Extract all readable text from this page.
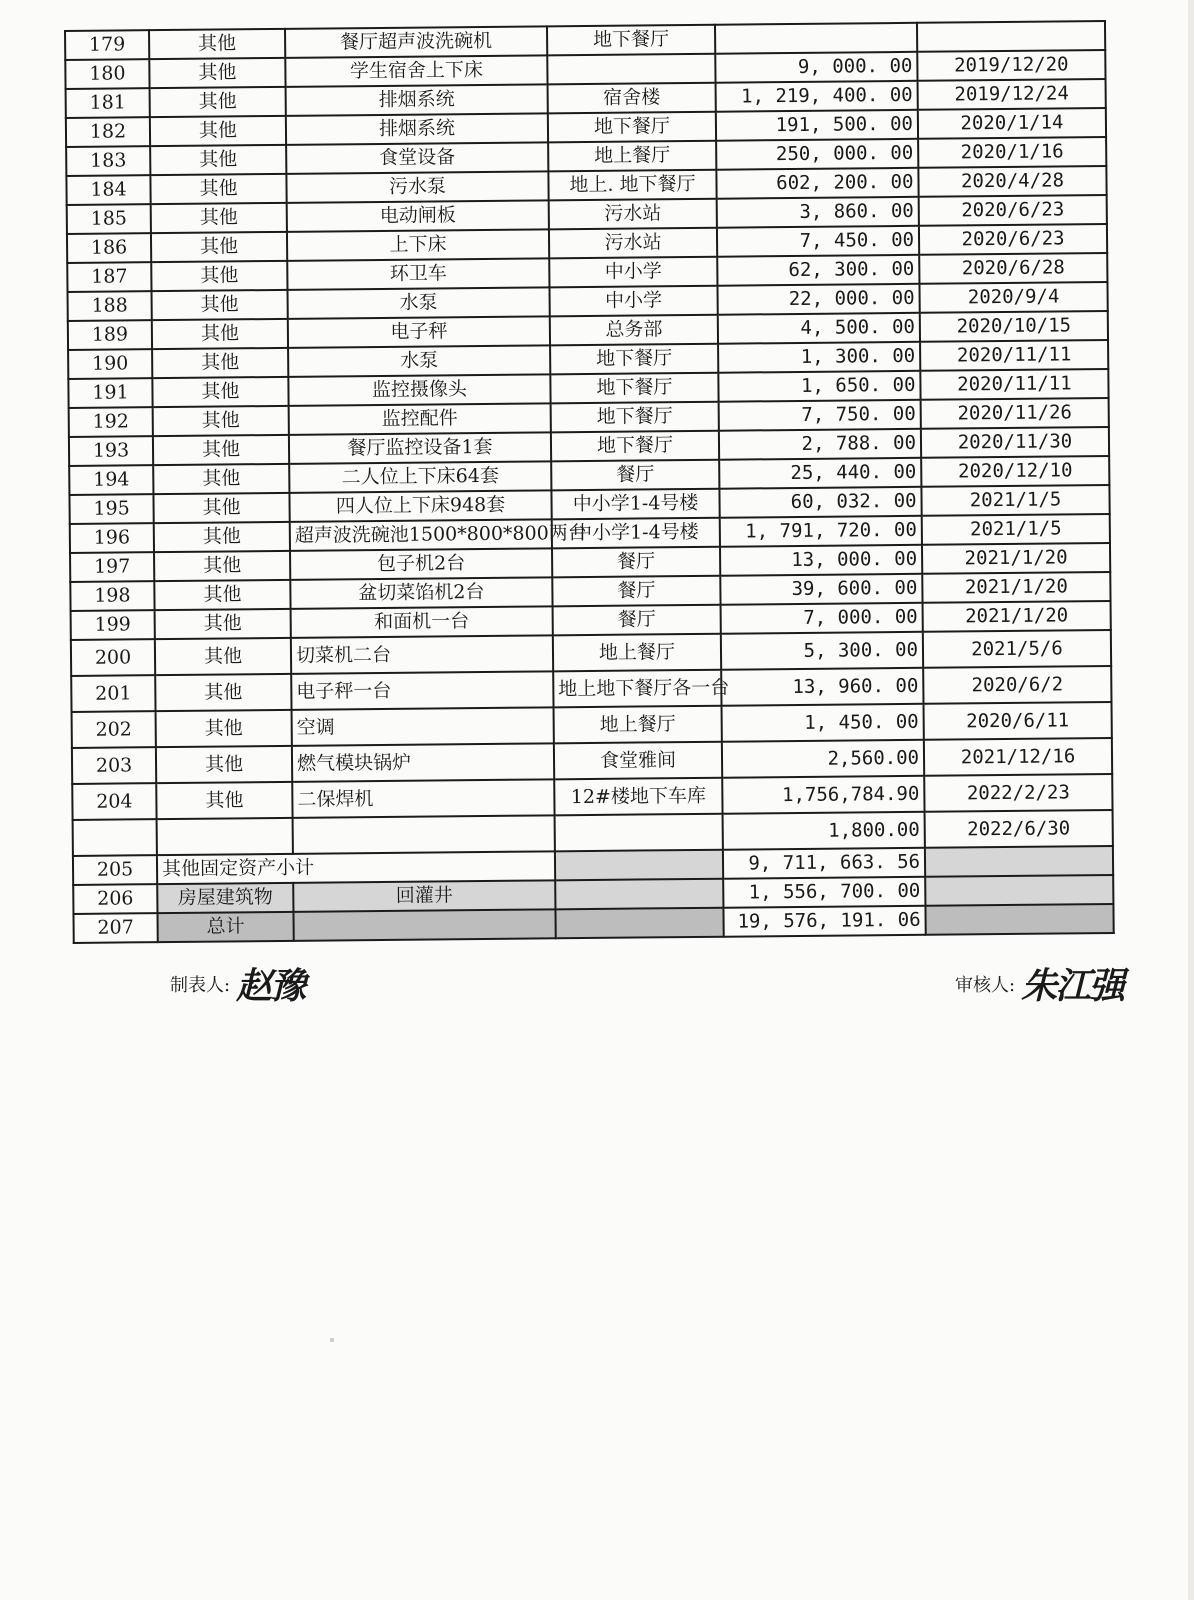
179	其他	餐厅超声波洗碗机	地下餐厅		
180	其他	学生宿舍上下床		9, 000. 00	2019/12/20
181	其他	排烟系统	宿舍楼	1, 219, 400. 00	2019/12/24
182	其他	排烟系统	地下餐厅	191, 500. 00	2020/1/14
183	其他	食堂设备	地上餐厅	250, 000. 00	2020/1/16
184	其他	污水泵	地上. 地下餐厅	602, 200. 00	2020/4/28
185	其他	电动闸板	污水站	3, 860. 00	2020/6/23
186	其他	上下床	污水站	7, 450. 00	2020/6/23
187	其他	环卫车	中小学	62, 300. 00	2020/6/28
188	其他	水泵	中小学	22, 000. 00	2020/9/4
189	其他	电子秤	总务部	4, 500. 00	2020/10/15
190	其他	水泵	地下餐厅	1, 300. 00	2020/11/11
191	其他	监控摄像头	地下餐厅	1, 650. 00	2020/11/11
192	其他	监控配件	地下餐厅	7, 750. 00	2020/11/26
193	其他	餐厅监控设备1套	地下餐厅	2, 788. 00	2020/11/30
194	其他	二人位上下床64套	餐厅	25, 440. 00	2020/12/10
195	其他	四人位上下床948套	中小学1-4号楼	60, 032. 00	2021/1/5
196	其他	超声波洗碗池1500*800*800两台	中小学1-4号楼	1, 791, 720. 00	2021/1/5
197	其他	包子机2台	餐厅	13, 000. 00	2021/1/20
198	其他	盆切菜馅机2台	餐厅	39, 600. 00	2021/1/20
199	其他	和面机一台	餐厅	7, 000. 00	2021/1/20
200	其他	切菜机二台	地上餐厅	5, 300. 00	2021/5/6
201	其他	电子秤一台	地上地下餐厅各一台	13, 960. 00	2020/6/2
202	其他	空调	地上餐厅	1, 450. 00	2020/6/11
203	其他	燃气模块锅炉	食堂雅间	2,560.00	2021/12/16
204	其他	二保焊机	12#楼地下车库	1,756,784.90	2022/2/23
				1,800.00	2022/6/30
205	其他固定资产小计			9, 711, 663. 56	
206	房屋建筑物	回灌井		1, 556, 700. 00	
207	总计			19, 576, 191. 06	
制表人: 赵豫	审核人: 朱江强
